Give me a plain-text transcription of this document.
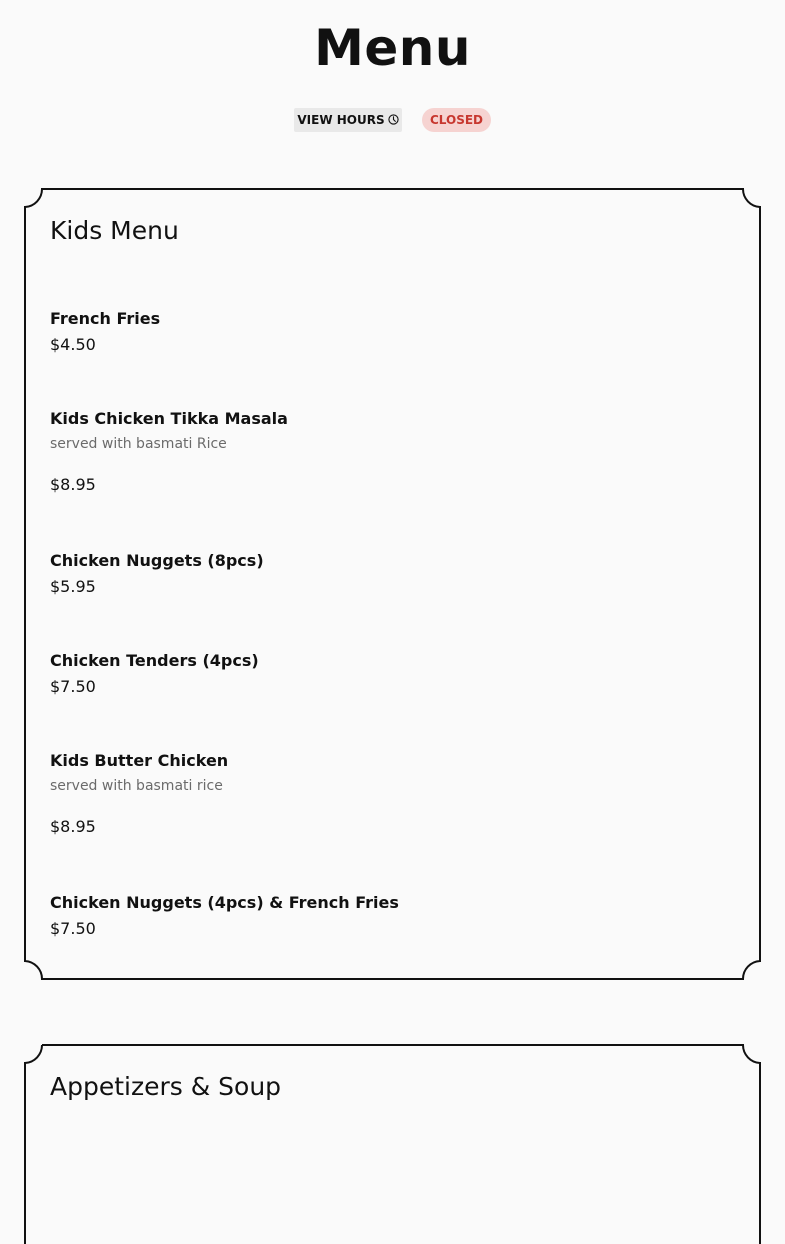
Menu
VIEW HOURS	CLOSED
Kids Menu
French Fries
$4.50
Kids Chicken Tikka Masala
served with basmati Rice
$8.95
Chicken Nuggets (8pcs)
$5.95
Chicken Tenders (4pcs)
$7.50
Kids Butter Chicken
served with basmati rice
$8.95
Chicken Nuggets (4pcs) & French Fries
$7.50
Appetizers & Soup
